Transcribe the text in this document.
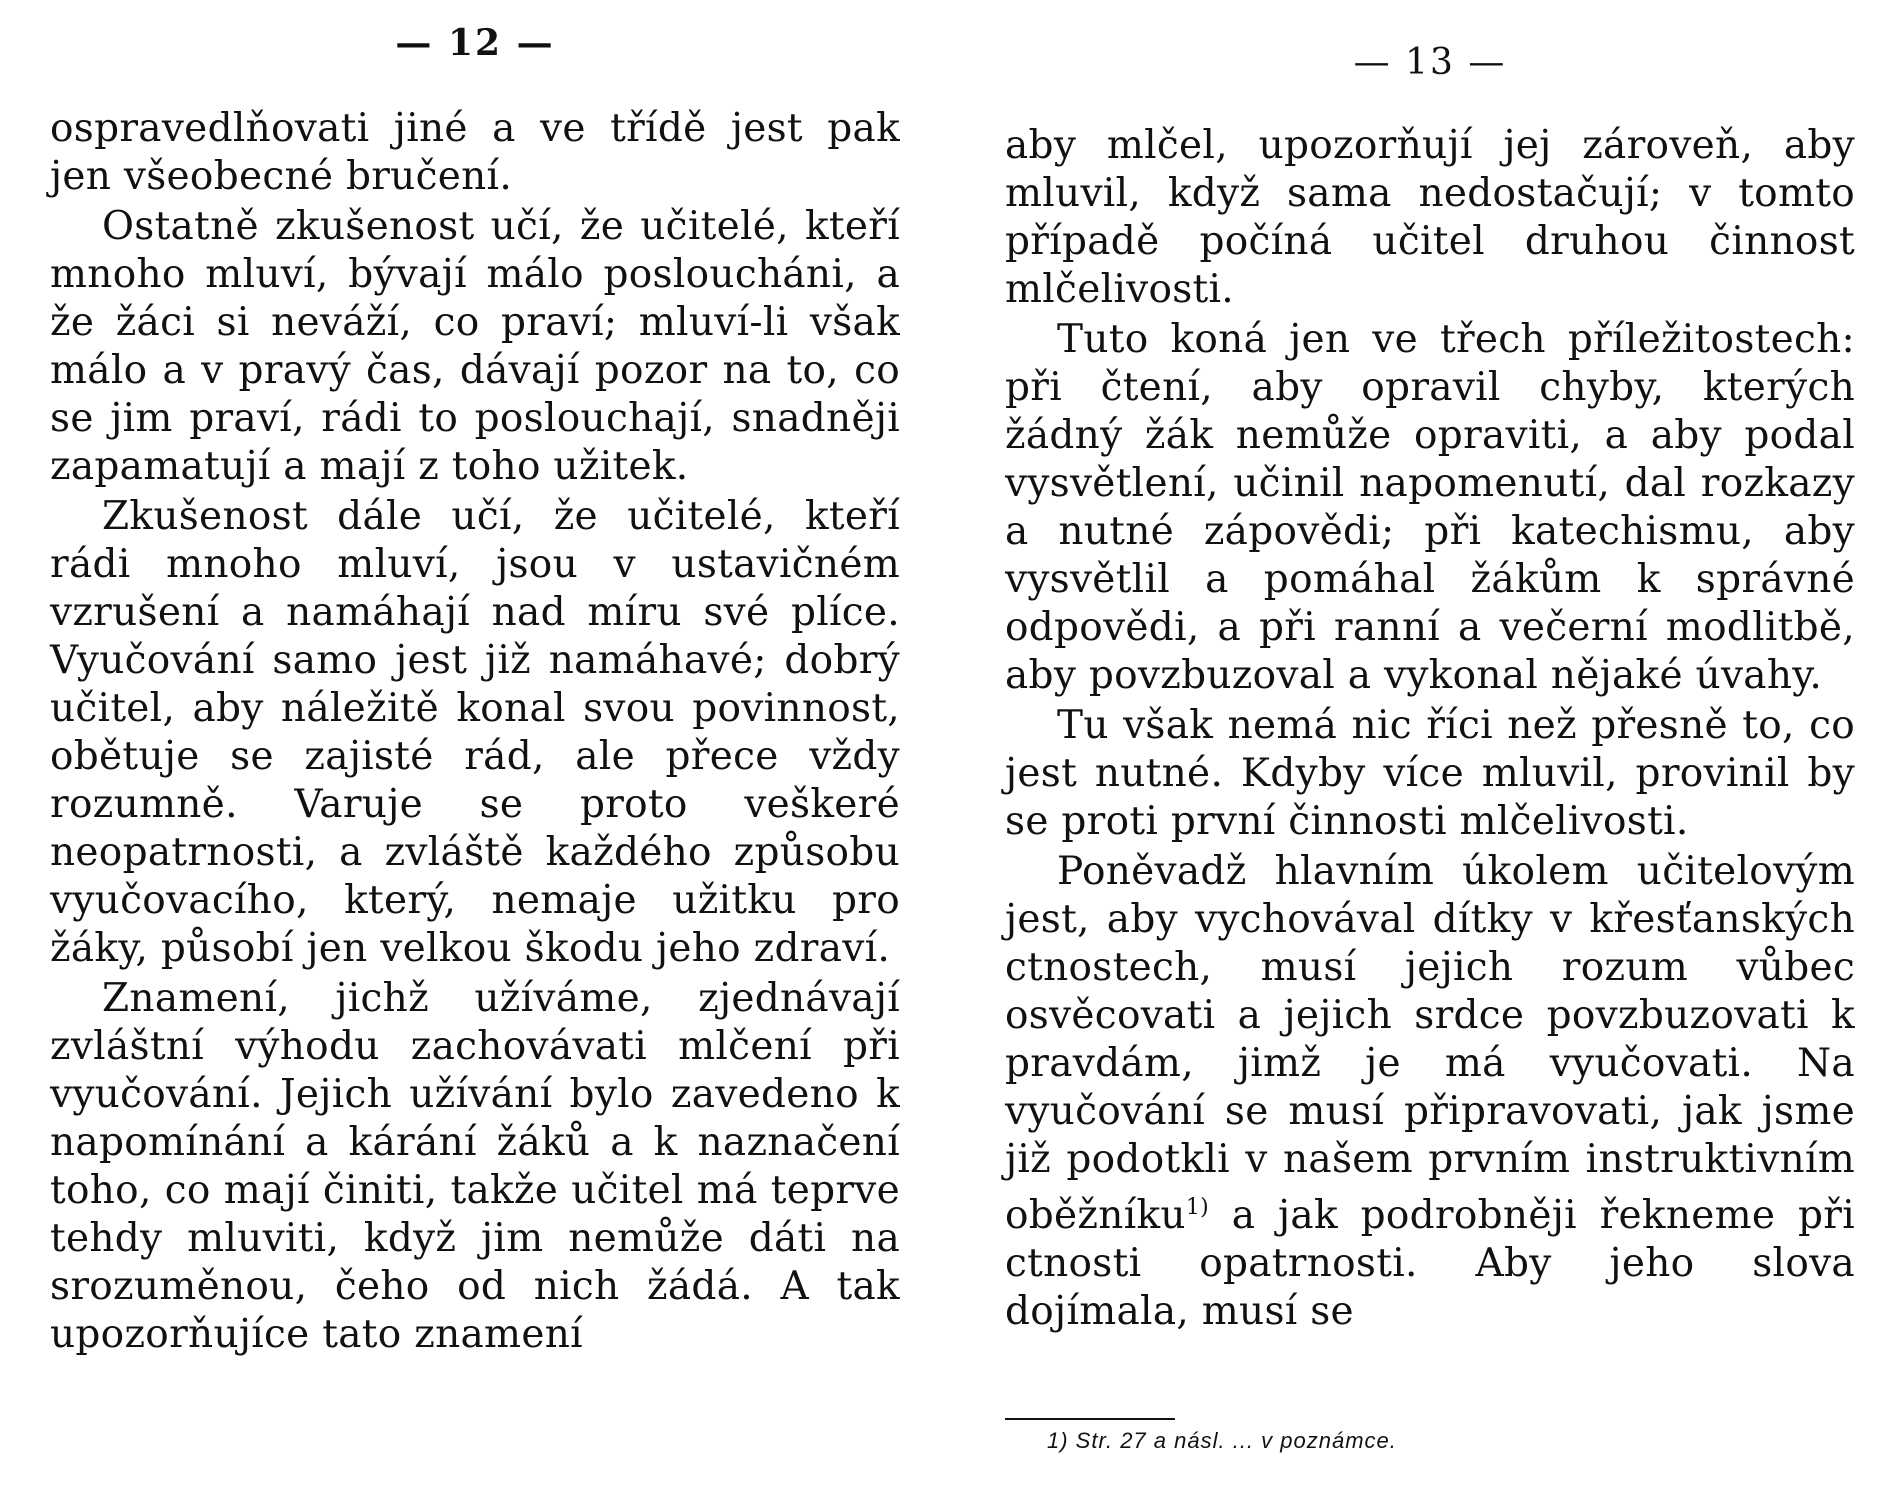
— 12 —

ospravedlňovati jiné a ve třídě jest pak jen všeobecné bručení.

Ostatně zkušenost učí, že učitelé, kteří mnoho mluví, bývají málo posloucháni, a že žáci si neváží, co praví; mluví-li však málo a v pravý čas, dávají pozor na to, co se jim praví, rádi to poslouchají, snadněji zapamatují a mají z toho užitek.

Zkušenost dále učí, že učitelé, kteří rádi mnoho mluví, jsou v ustavičném vzrušení a namáhají nad míru své plíce. Vyučování samo jest již namáhavé; dobrý učitel, aby náležitě konal svou povinnost, obětuje se zajisté rád, ale přece vždy rozumně. Varuje se proto veškeré neopatrnosti, a zvláště každého způsobu vyučovacího, který, nemaje užitku pro žáky, působí jen velkou škodu jeho zdraví.

Znamení, jichž užíváme, zjednávají zvláštní výhodu zachovávati mlčení při vyučování. Jejich užívání bylo zavedeno k napomínání a kárání žáků a k naznačení toho, co mají činiti, takže učitel má teprve tehdy mluviti, když jim nemůže dáti na srozuměnou, čeho od nich žádá. A tak upozorňujíce tato znamení

— 13 —

aby mlčel, upozorňují jej zároveň, aby mluvil, když sama nedostačují; v tomto případě počíná učitel druhou činnost mlčelivosti.

Tuto koná jen ve třech příležitostech: při čtení, aby opravil chyby, kterých žádný žák nemůže opraviti, a aby podal vysvětlení, učinil napomenutí, dal rozkazy a nutné zápovědi; při katechismu, aby vysvětlil a pomáhal žákům k správné odpovědi, a při ranní a večerní modlitbě, aby povzbuzoval a vykonal nějaké úvahy.

Tu však nemá nic říci než přesně to, co jest nutné. Kdyby více mluvil, provinil by se proti první činnosti mlčelivosti.

Poněvadž hlavním úkolem učitelovým jest, aby vychovával dítky v křesťanských ctnostech, musí jejich rozum vůbec osvěcovati a jejich srdce povzbuzovati k pravdám, jimž je má vyučovati. Na vyučování se musí připravovati, jak jsme již podotkli v našem prvním instruktivním oběžníku$^{1)}$ a jak podrobněji řekneme při ctnosti opatrnosti. Aby jeho slova dojímala, musí se

1) Str. 27 a násl. ... v poznámce.
